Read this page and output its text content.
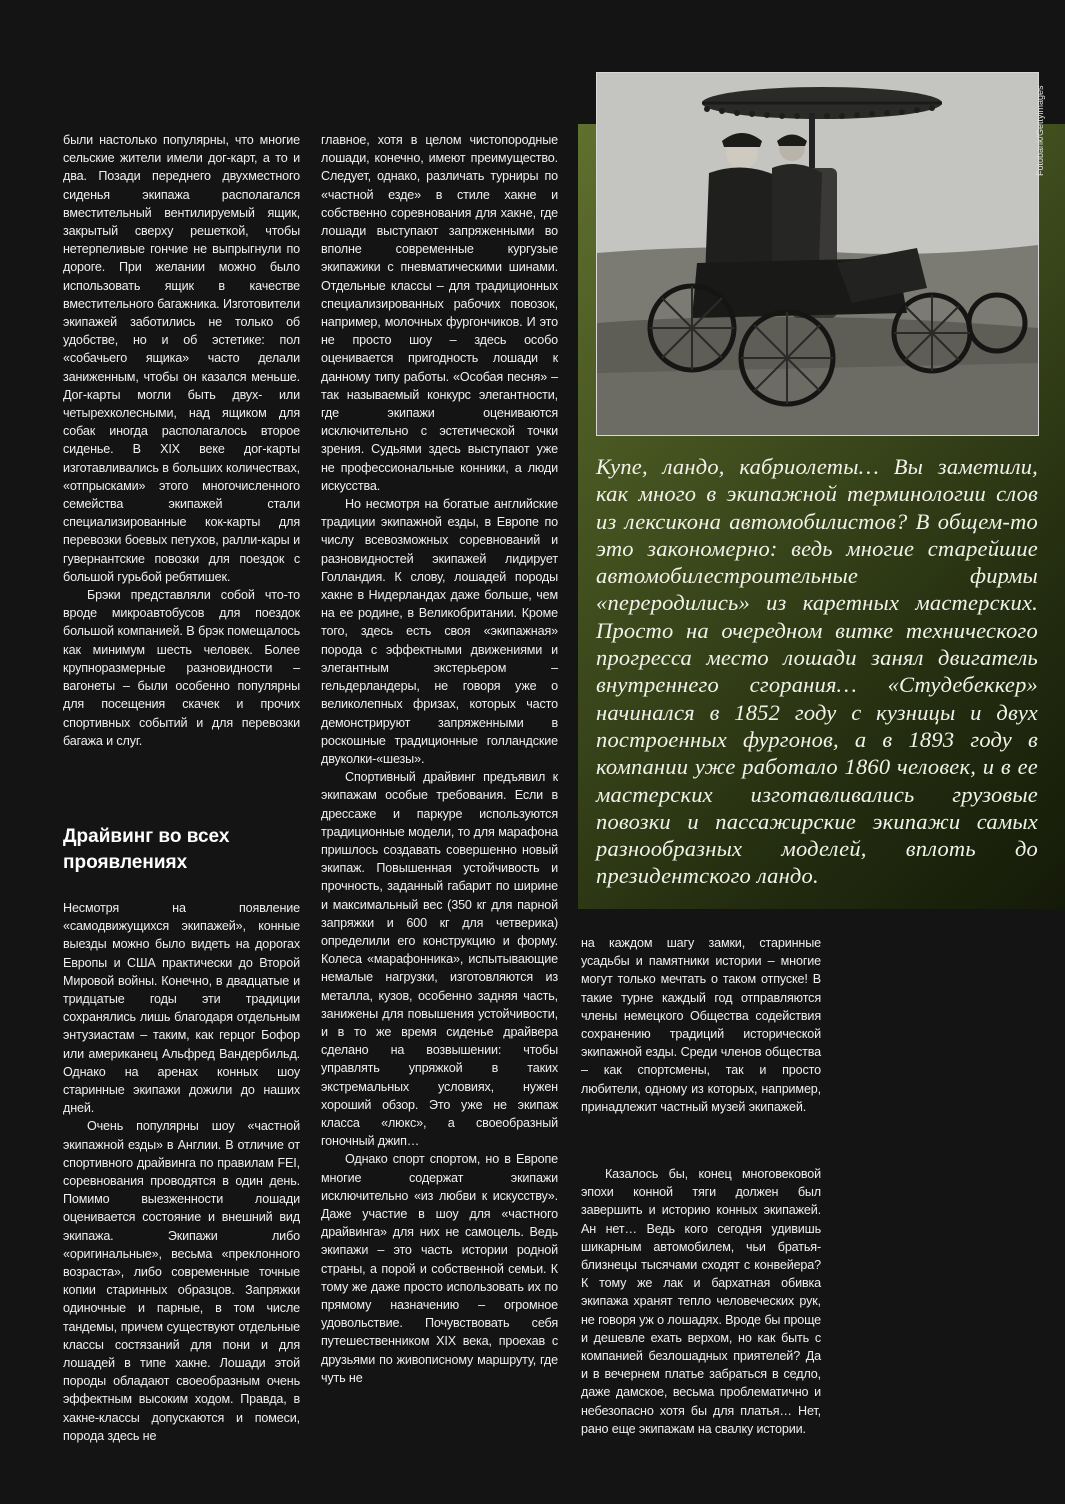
Fotobank/Gettyimages
Купе, ландо, кабриолеты… Вы заметили, как много в экипажной терминологии слов из лексикона автомобилистов? В общем-то это закономерно: ведь многие старейшие автомобилестроительные фирмы «переродились» из каретных мастерских. Просто на очередном витке технического прогресса место лошади занял двигатель внутреннего сгорания… «Студебеккер» начинался в 1852 году с кузницы и двух построенных фургонов, а в 1893 году в компании уже работало 1860 человек, и в ее мастерских изготавливались грузовые повозки и пассажирские экипажи самых разнообразных моделей, вплоть до президентского ландо.

были настолько популярны, что многие сельские жители имели дог-карт, а то и два. Позади переднего двухместного сиденья экипажа располагался вместительный вентилируемый ящик, закрытый сверху решеткой, чтобы нетерпеливые гончие не выпрыгнули по дороге. При желании можно было использовать ящик в качестве вместительного багажника. Изготовители экипажей заботились не только об удобстве, но и об эстетике: пол «собачьего ящика» часто делали заниженным, чтобы он казался меньше. Дог-карты могли быть двух- или четырехколесными, над ящиком для собак иногда располагалось второе сиденье. В XIX веке дог-карты изготавливались в больших количествах, «отпрысками» этого многочисленного семейства экипажей стали специализированные кок-карты для перевозки боевых петухов, ралли-кары и гувернантские повозки для поездок с большой гурьбой ребятишек.

Брэки представляли собой что-то вроде микроавтобусов для поездок большой компанией. В брэк помещалось как минимум шесть человек. Более крупноразмерные разновидности – вагонеты – были особенно популярны для посещения скачек и прочих спортивных событий и для перевозки багажа и слуг.

Драйвинг во всех проявлениях

Несмотря на появление «самодвижущихся экипажей», конные выезды можно было видеть на дорогах Европы и США практически до Второй Мировой войны. Конечно, в двадцатые и тридцатые годы эти традиции сохранялись лишь благодаря отдельным энтузиастам – таким, как герцог Бофор или американец Альфред Вандербильд. Однако на аренах конных шоу старинные экипажи дожили до наших дней.

Очень популярны шоу «частной экипажной езды» в Англии. В отличие от спортивного драйвинга по правилам FEI, соревнования проводятся в один день. Помимо выезженности лошади оценивается состояние и внешний вид экипажа. Экипажи либо «оригинальные», весьма «преклонного возраста», либо современные точные копии старинных образцов. Запряжки одиночные и парные, в том числе тандемы, причем существуют отдельные классы состязаний для пони и для лошадей в типе хакне. Лошади этой породы обладают своеобразным очень эффектным высоким ходом. Правда, в хакне-классы допускаются и помеси, порода здесь не

главное, хотя в целом чистопородные лошади, конечно, имеют преимущество. Следует, однако, различать турниры по «частной езде» в стиле хакне и собственно соревнования для хакне, где лошади выступают запряженными во вполне современные кургузые экипажики с пневматическими шинами. Отдельные классы – для традиционных специализированных рабочих повозок, например, молочных фургончиков. И это не просто шоу – здесь особо оценивается пригодность лошади к данному типу работы. «Особая песня» – так называемый конкурс элегантности, где экипажи оцениваются исключительно с эстетической точки зрения. Судьями здесь выступают уже не профессиональные конники, а люди искусства.

Но несмотря на богатые английские традиции экипажной езды, в Европе по числу всевозможных соревнований и разновидностей экипажей лидирует Голландия. К слову, лошадей породы хакне в Нидерландах даже больше, чем на ее родине, в Великобритании. Кроме того, здесь есть своя «экипажная» порода с эффектными движениями и элегантным экстерьером – гельдерландеры, не говоря уже о великолепных фризах, которых часто демонстрируют запряженными в роскошные традиционные голландские двуколки-«шезы».

Спортивный драйвинг предъявил к экипажам особые требования. Если в дрессаже и паркуре используются традиционные модели, то для марафона пришлось создавать совершенно новый экипаж. Повышенная устойчивость и прочность, заданный габарит по ширине и максимальный вес (350 кг для парной запряжки и 600 кг для четверика) определили его конструкцию и форму. Колеса «марафонника», испытывающие немалые нагрузки, изготовляются из металла, кузов, особенно задняя часть, занижены для повышения устойчивости, и в то же время сиденье драйвера сделано на возвышении: чтобы управлять упряжкой в таких экстремальных условиях, нужен хороший обзор. Это уже не экипаж класса «люкс», а своеобразный гоночный джип…

Однако спорт спортом, но в Европе многие содержат экипажи исключительно «из любви к искусству». Даже участие в шоу для «частного драйвинга» для них не самоцель. Ведь экипажи – это часть истории родной страны, а порой и собственной семьи. К тому же даже просто использовать их по прямому назначению – огромное удовольствие. Почувствовать себя путешественником XIX века, проехав с друзьями по живописному маршруту, где чуть не

на каждом шагу замки, старинные усадьбы и памятники истории – многие могут только мечтать о таком отпуске! В такие турне каждый год отправляются члены немецкого Общества содействия сохранению традиций исторической экипажной езды. Среди членов общества – как спортсмены, так и просто любители, одному из которых, например, принадлежит частный музей экипажей.

Казалось бы, конец многовековой эпохи конной тяги должен был завершить и историю конных экипажей. Ан нет… Ведь кого сегодня удивишь шикарным автомобилем, чьи братья-близнецы тысячами сходят с конвейера? К тому же лак и бархатная обивка экипажа хранят тепло человеческих рук, не говоря уж о лошадях. Вроде бы проще и дешевле ехать верхом, но как быть с компанией безлошадных приятелей? Да и в вечернем платье забраться в седло, даже дамское, весьма проблематично и небезопасно хотя бы для платья… Нет, рано еще экипажам на свалку истории.
